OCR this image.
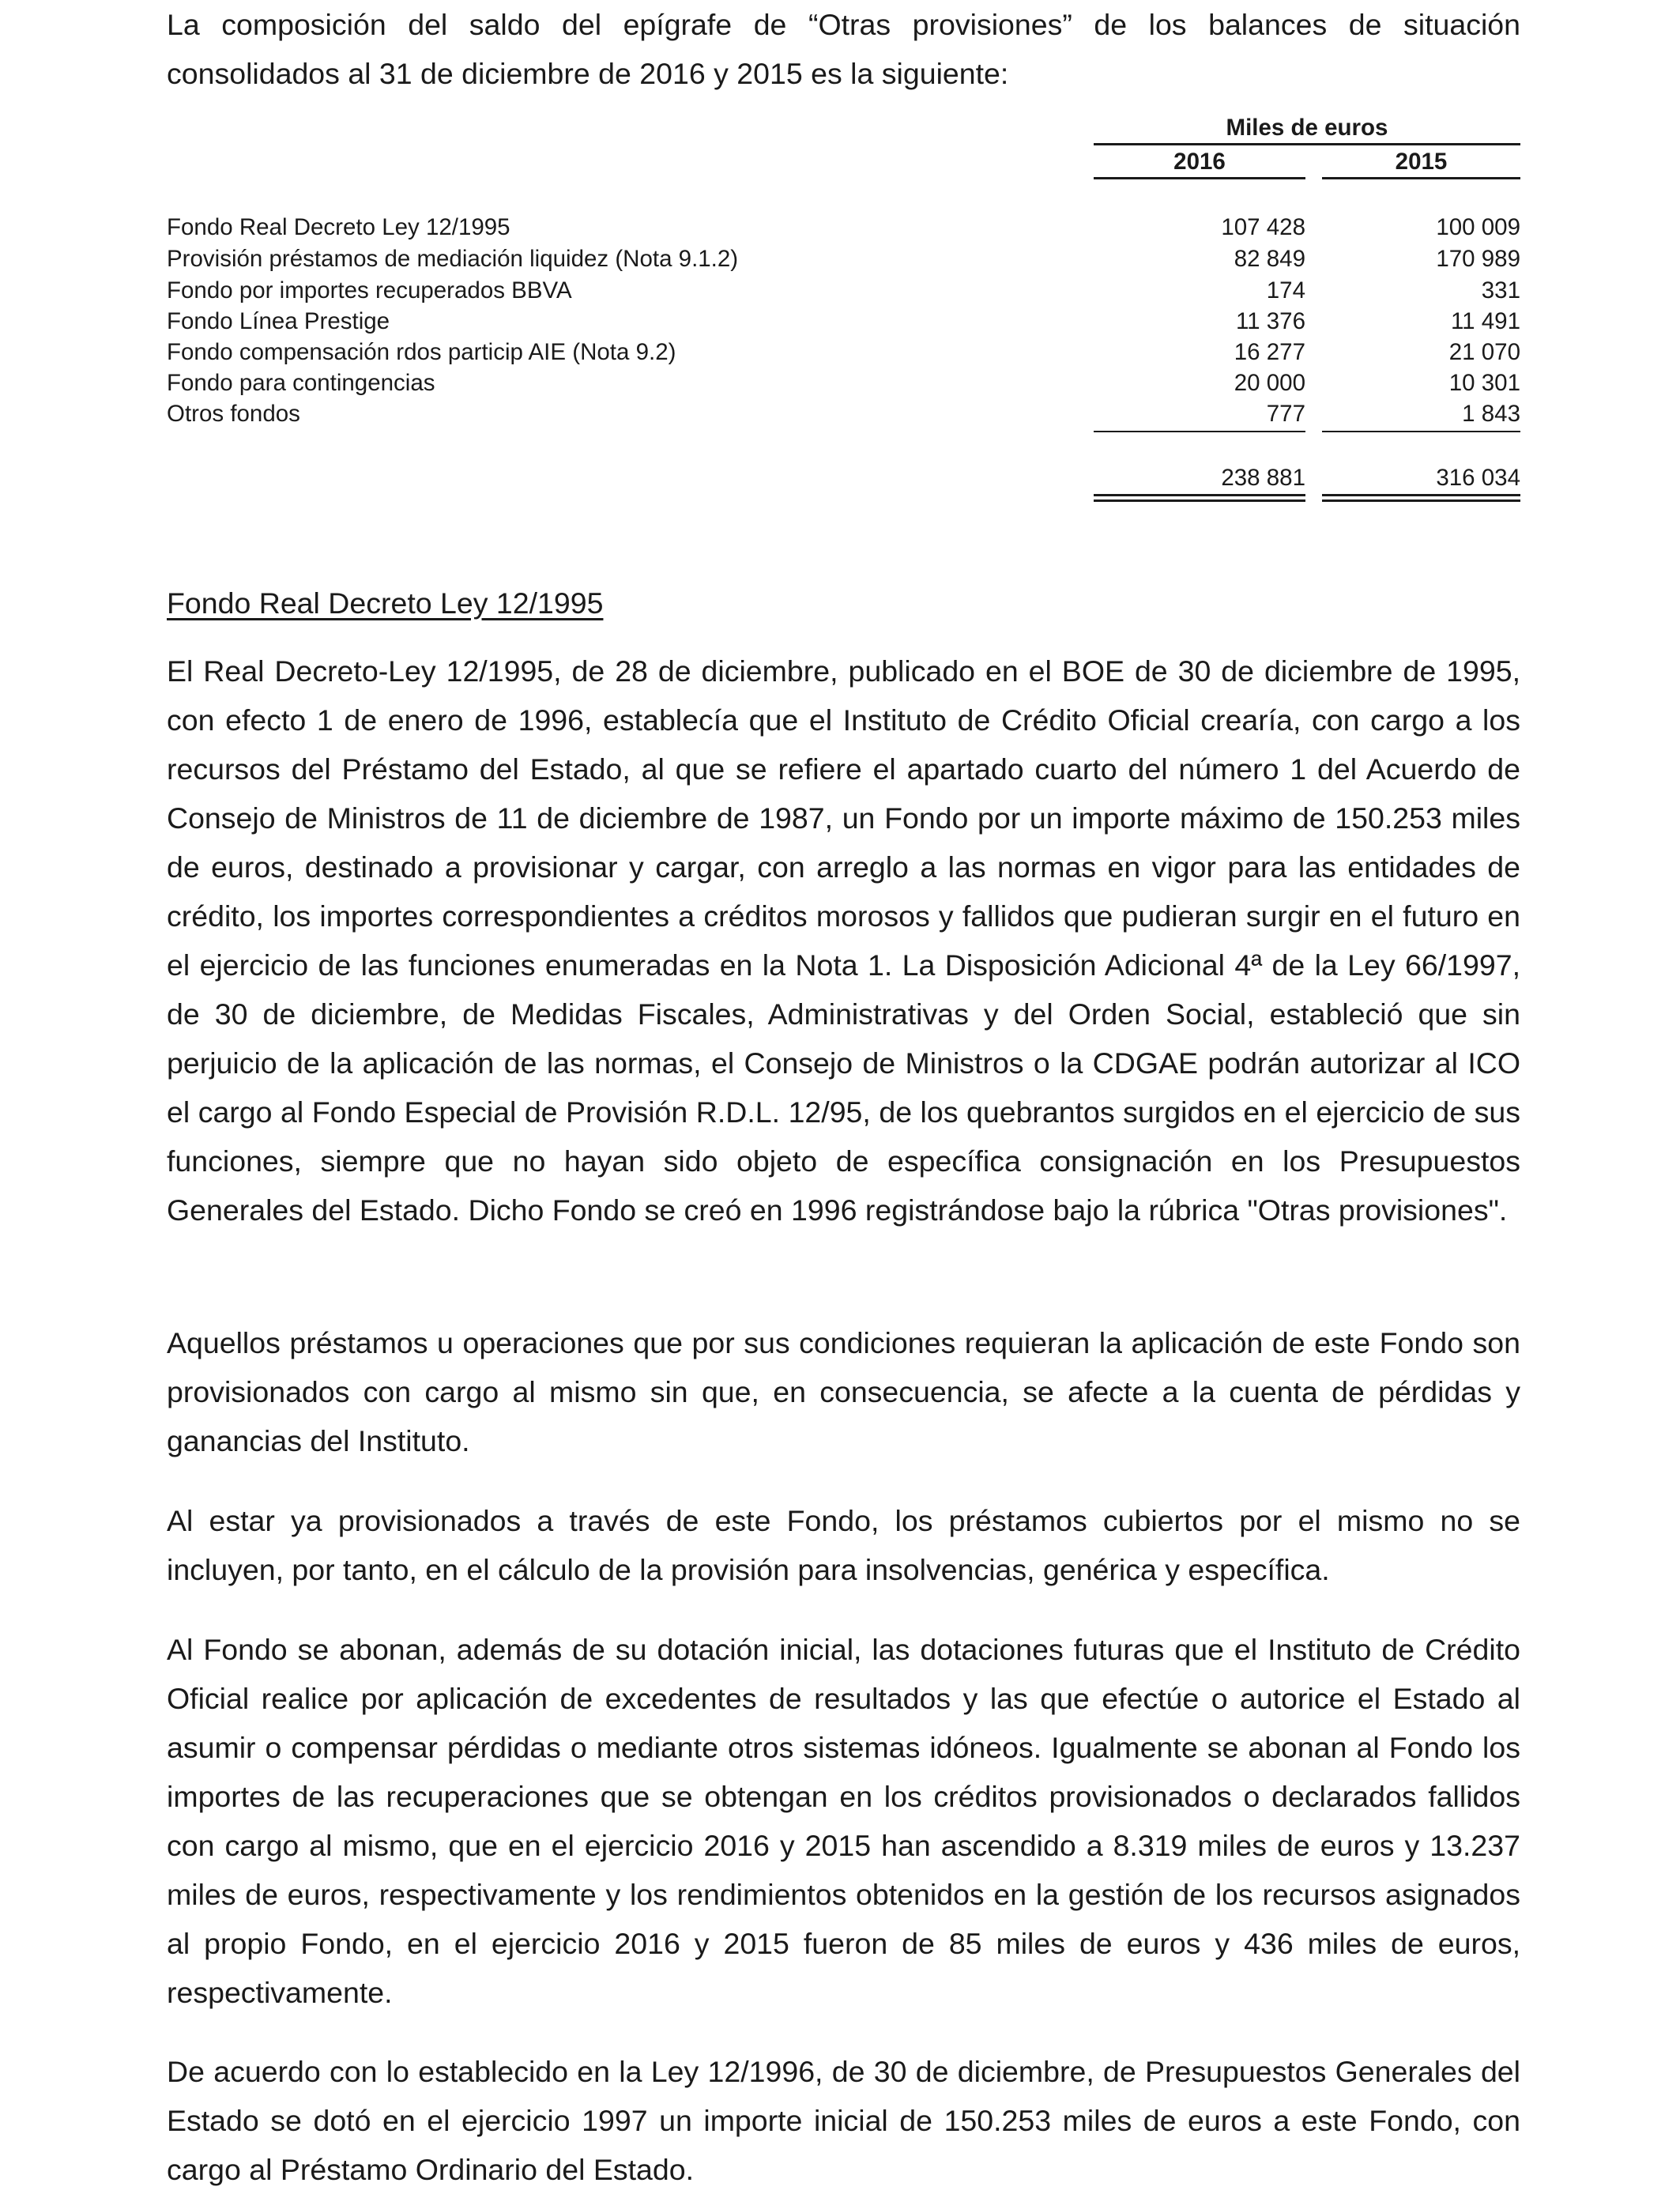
La composición del saldo del epígrafe de “Otras provisiones” de los balances de situación consolidados al 31 de diciembre de 2016 y 2015 es la siguiente:

Miles de euros
2016	2015
Fondo Real Decreto Ley 12/1995	107 428	100 009
Provisión préstamos de mediación liquidez (Nota 9.1.2)	82 849	170 989
Fondo por importes recuperados BBVA	174	331
Fondo Línea Prestige	11 376	11 491
Fondo compensación rdos particip AIE (Nota 9.2)	16 277	21 070
Fondo para contingencias	20 000	10 301
Otros fondos	777	1 843
238 881	316 034
Fondo Real Decreto Ley 12/1995

El Real Decreto-Ley 12/1995, de 28 de diciembre, publicado en el BOE de 30 de diciembre de 1995, con efecto 1 de enero de 1996, establecía que el Instituto de Crédito Oficial crearía, con cargo a los recursos del Préstamo del Estado, al que se refiere el apartado cuarto del número 1 del Acuerdo de Consejo de Ministros de 11 de diciembre de 1987, un Fondo por un importe máximo de 150.253 miles de euros, destinado a provisionar y cargar, con arreglo a las normas en vigor para las entidades de crédito, los importes correspondientes a créditos morosos y fallidos que pudieran surgir en el futuro en el ejercicio de las funciones enumeradas en la Nota 1. La Disposición Adicional 4ª de la Ley 66/1997, de 30 de diciembre, de Medidas Fiscales, Administrativas y del Orden Social, estableció que sin perjuicio de la aplicación de las normas, el Consejo de Ministros o la CDGAE podrán autorizar al ICO el cargo al Fondo Especial de Provisión R.D.L. 12/95, de los quebrantos surgidos en el ejercicio de sus funciones, siempre que no hayan sido objeto de específica consignación en los Presupuestos Generales del Estado. Dicho Fondo se creó en 1996 registrándose bajo la rúbrica "Otras provisiones".

Aquellos préstamos u operaciones que por sus condiciones requieran la aplicación de este Fondo son provisionados con cargo al mismo sin que, en consecuencia, se afecte a la cuenta de pérdidas y ganancias del Instituto.

Al estar ya provisionados a través de este Fondo, los préstamos cubiertos por el mismo no se incluyen, por tanto, en el cálculo de la provisión para insolvencias, genérica y específica.

Al Fondo se abonan, además de su dotación inicial, las dotaciones futuras que el Instituto de Crédito Oficial realice por aplicación de excedentes de resultados y las que efectúe o autorice el Estado al asumir o compensar pérdidas o mediante otros sistemas idóneos. Igualmente se abonan al Fondo los importes de las recuperaciones que se obtengan en los créditos provisionados o declarados fallidos con cargo al mismo, que en el ejercicio 2016 y 2015 han ascendido a 8.319 miles de euros y 13.237 miles de euros, respectivamente y los rendimientos obtenidos en la gestión de los recursos asignados al propio Fondo, en el ejercicio 2016 y 2015 fueron de 85 miles de euros y 436 miles de euros, respectivamente.

De acuerdo con lo establecido en la Ley 12/1996, de 30 de diciembre, de Presupuestos Generales del Estado se dotó en el ejercicio 1997 un importe inicial de 150.253 miles de euros a este Fondo, con cargo al Préstamo Ordinario del Estado.
